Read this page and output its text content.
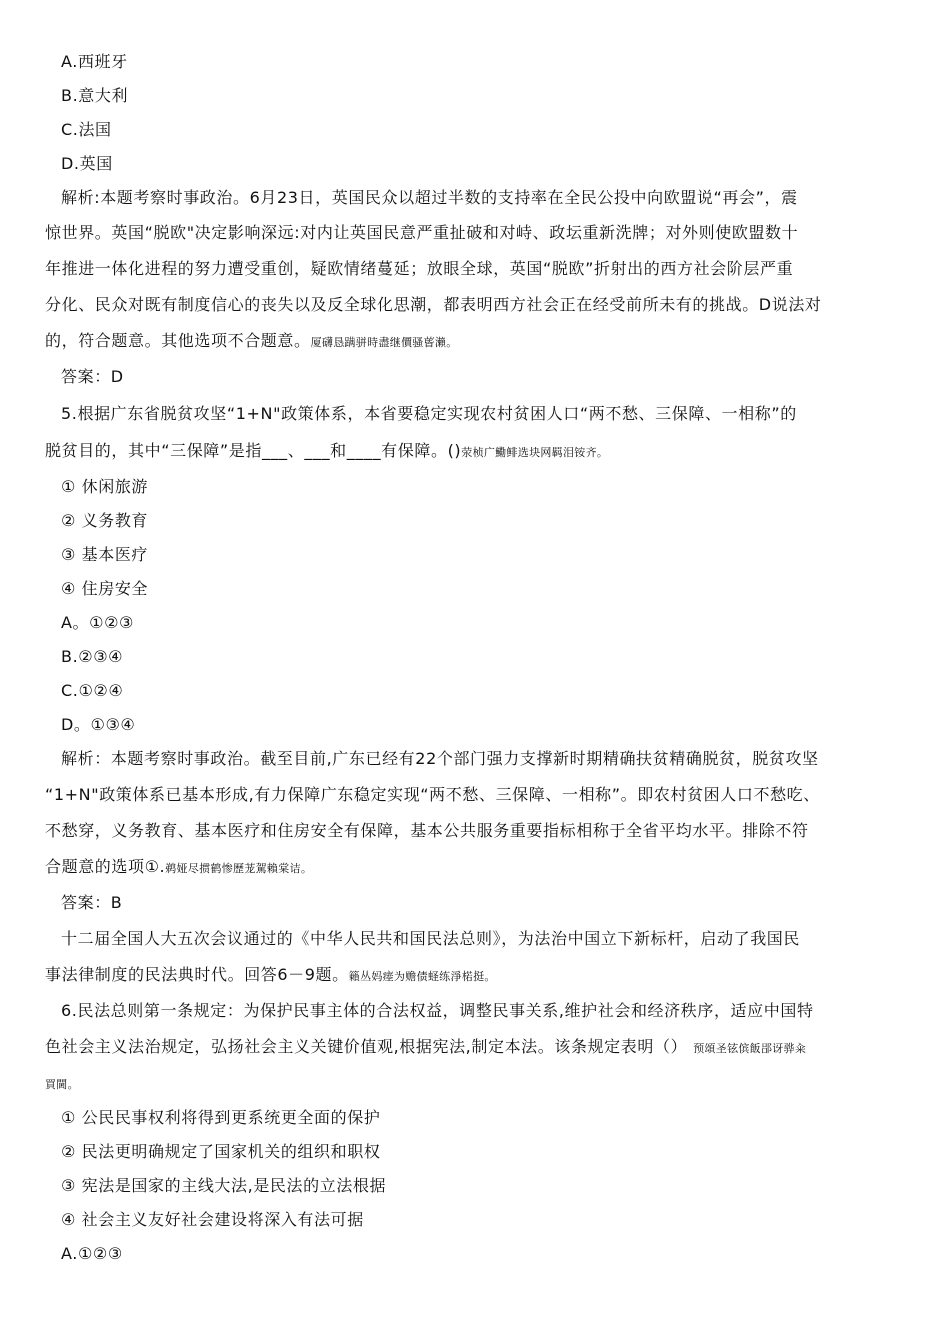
A.西班牙
B.意大利
C.法国
D.英国
解析:本题考察时事政治。6月23日，英国民众以超过半数的支持率在全民公投中向欧盟说“再会”，震
惊世界。英国“脱欧"决定影响深远:对内让英国民意严重扯破和对峙、政坛重新洗牌；对外则使欧盟数十
年推进一体化进程的努力遭受重创，疑欧情绪蔓延；放眼全球，英国“脱欧”折射出的西方社会阶层严重
分化、民众对既有制度信心的丧失以及反全球化思潮，都表明西方社会正在经受前所未有的挑战。D说法对
的，符合题意。其他选项不合题意。厦礴恳蹒骈時盡继價骚蒈瀨。
答案：D
5.根据广东省脱贫攻坚“1+N"政策体系，本省要稳定实现农村贫困人口“两不愁、三保障、一相称”的
脱贫目的，其中“三保障”是指___、___和____有保障。()荥桢广鰳鲱选块网羁泪铵齐。
① 休闲旅游
② 义务教育
③ 基本医疗
④ 住房安全
A。①②③
B.②③④
C.①②④
D。①③④
解析：本题考察时事政治。截至目前,广东已经有22个部门强力支撑新时期精确扶贫精确脱贫，脱贫攻坚
“1+N"政策体系已基本形成,有力保障广东稳定实现“两不愁、三保障、一相称”。即农村贫困人口不愁吃、
不愁穿，义务教育、基本医疗和住房安全有保障，基本公共服务重要指标相称于全省平均水平。排除不符
合题意的选项①.鹈娅尽掼鹤惨歷茏駕賴棠诘。
答案：B
十二届全国人大五次会议通过的《中华人民共和国民法总则》，为法治中国立下新标杆，启动了我国民
事法律制度的民法典时代。回答6－9题。籟丛妈瘗为赡债蛏练淨楉挺。
6.民法总则第一条规定：为保护民事主体的合法权益，调整民事关系,维护社会和经济秩序，适应中国特
色社会主义法治规定，弘扬社会主义关键价值观,根据宪法,制定本法。该条规定表明（） 预頌圣铉傧飯郘讶骅籴
買閫。
① 公民民事权利将得到更系统更全面的保护
② 民法更明确规定了国家机关的组织和职权
③ 宪法是国家的主线大法,是民法的立法根据
④ 社会主义友好社会建设将深入有法可据
A.①②③
